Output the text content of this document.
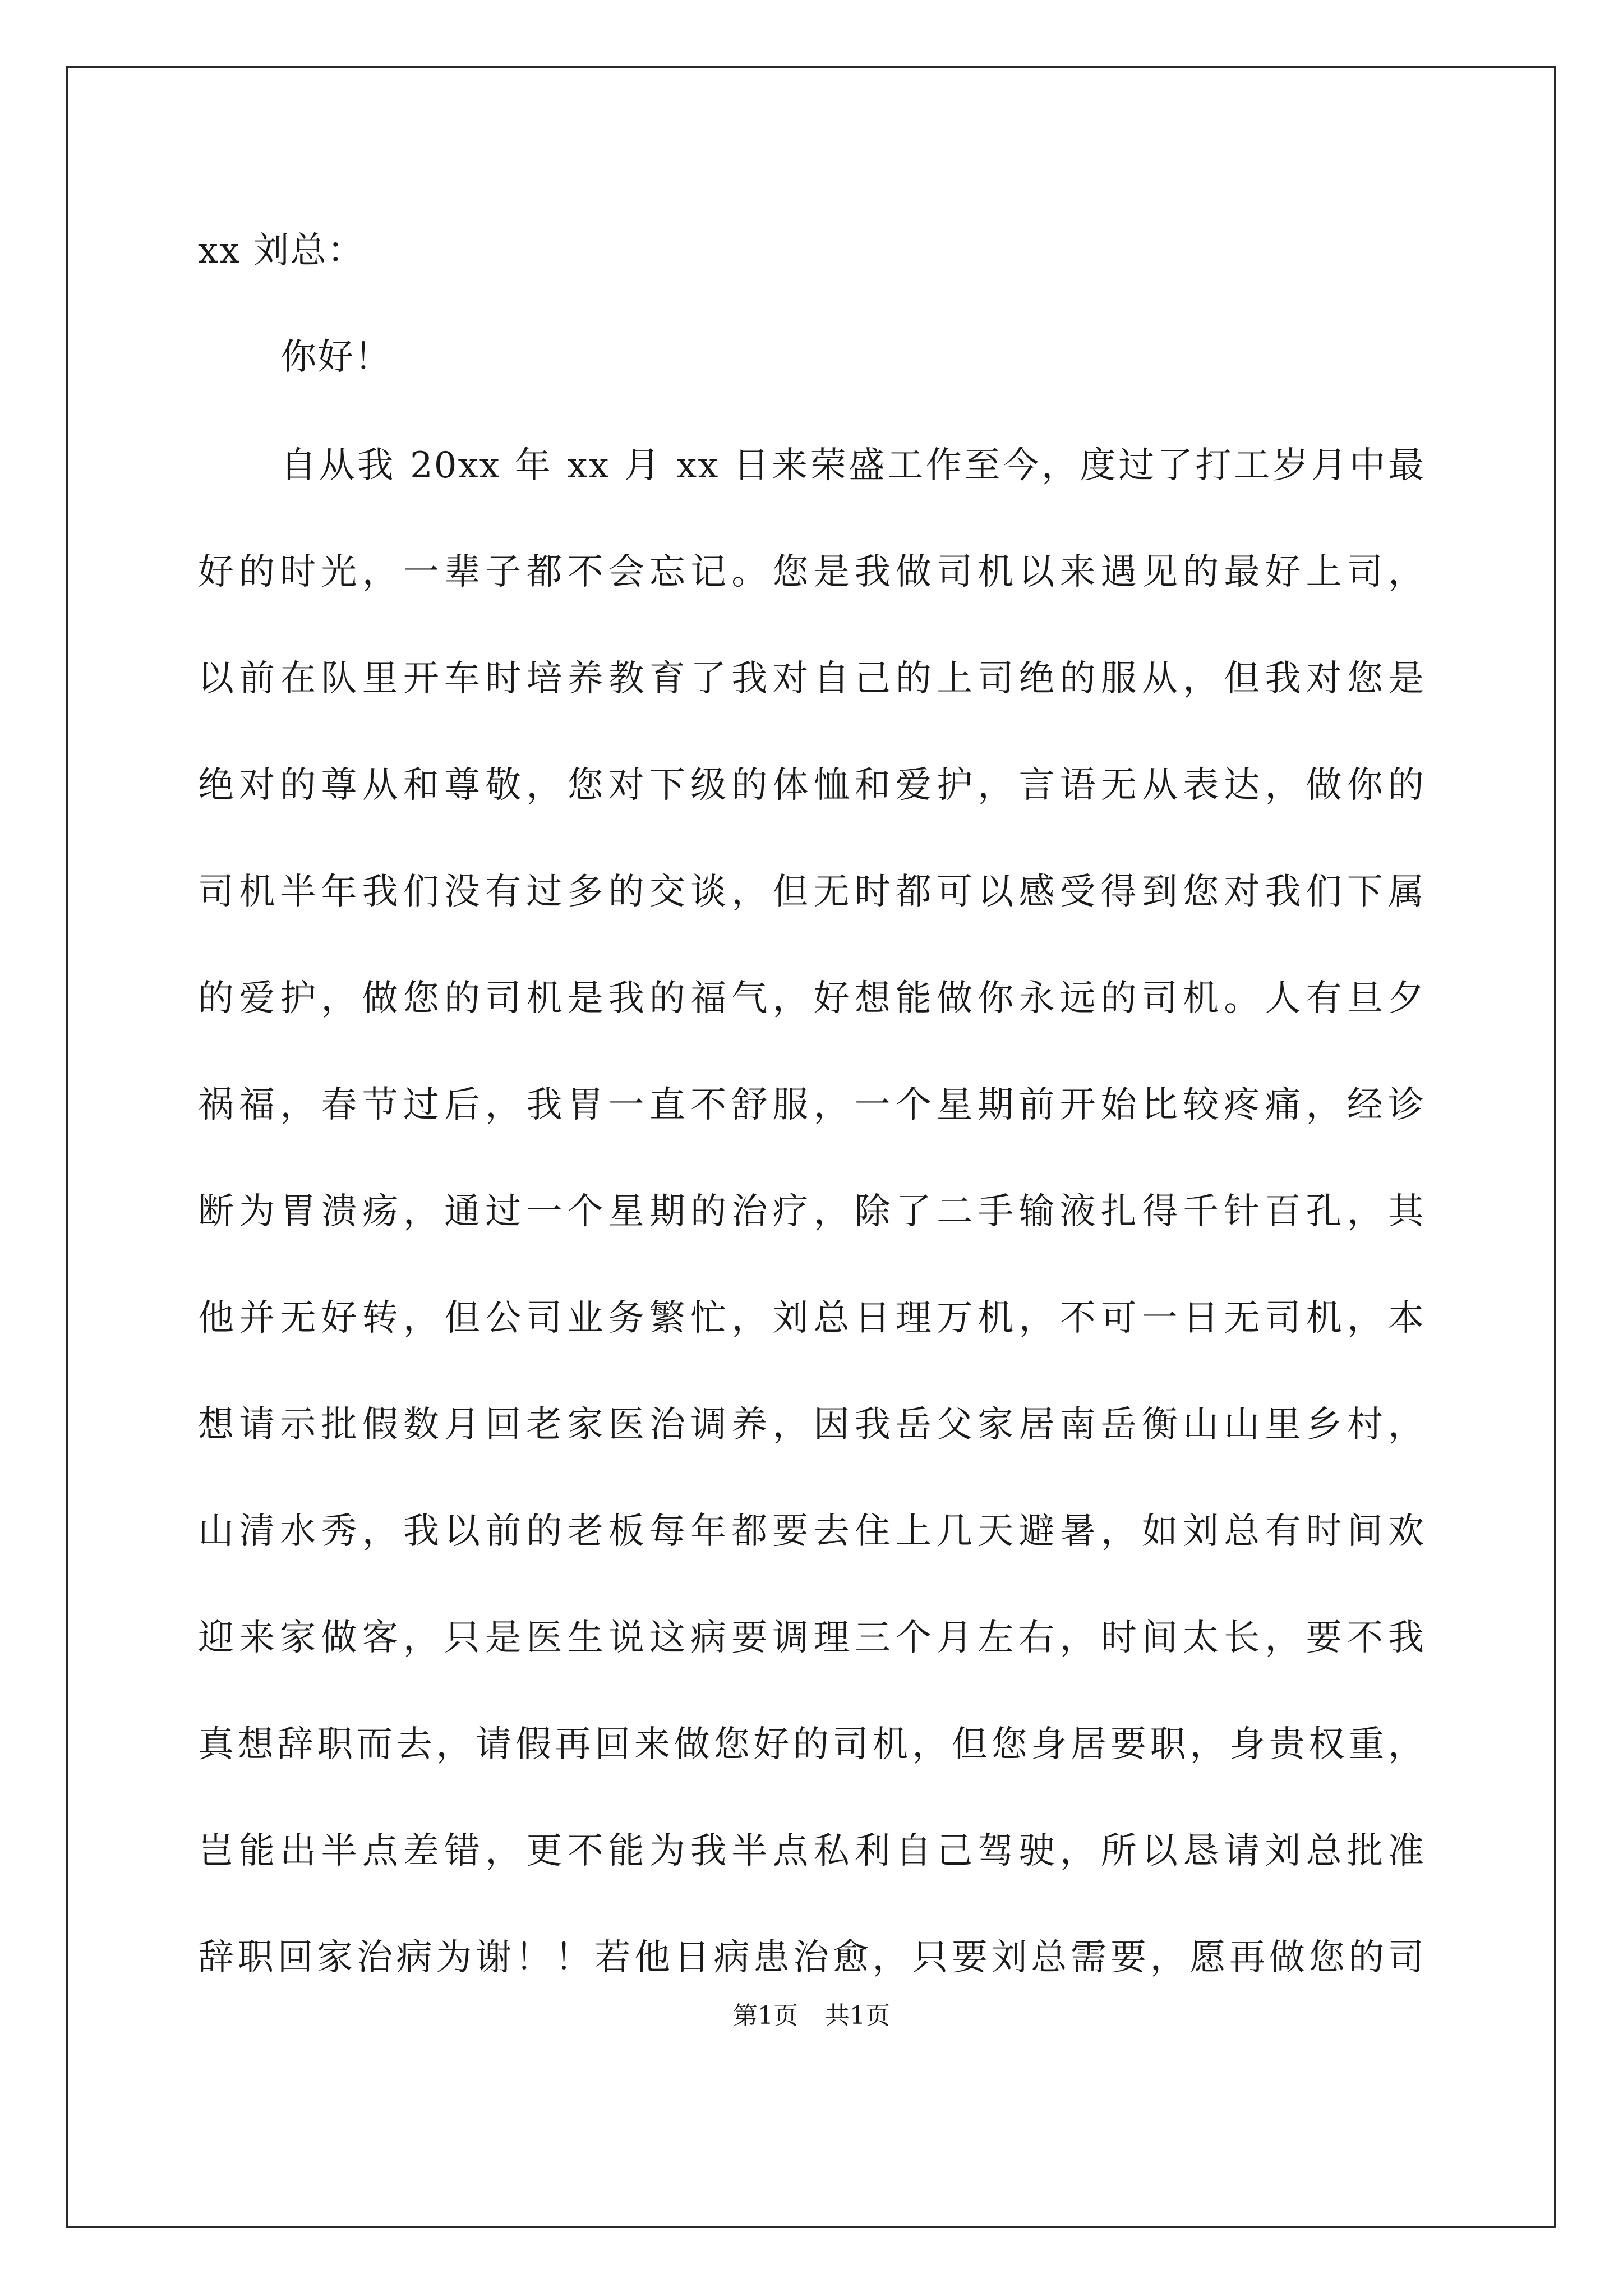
xx 刘总：
你好！
自从我 20xx 年 xx 月 xx 日来荣盛工作至今，度过了打工岁月中最
好的时光，一辈子都不会忘记。您是我做司机以来遇见的最好上司，
以前在队里开车时培养教育了我对自己的上司绝的服从，但我对您是
绝对的尊从和尊敬，您对下级的体恤和爱护，言语无从表达，做你的
司机半年我们没有过多的交谈，但无时都可以感受得到您对我们下属
的爱护，做您的司机是我的福气，好想能做你永远的司机。人有旦夕
祸福，春节过后，我胃一直不舒服，一个星期前开始比较疼痛，经诊
断为胃溃疡，通过一个星期的治疗，除了二手输液扎得千针百孔，其
他并无好转，但公司业务繁忙，刘总日理万机，不可一日无司机，本
想请示批假数月回老家医治调养，因我岳父家居南岳衡山山里乡村，
山清水秀，我以前的老板每年都要去住上几天避暑，如刘总有时间欢
迎来家做客，只是医生说这病要调理三个月左右，时间太长，要不我
真想辞职而去，请假再回来做您好的司机，但您身居要职，身贵权重，
岂能出半点差错，更不能为我半点私利自己驾驶，所以恳请刘总批准
辞职回家治病为谢！！若他日病患治愈，只要刘总需要，愿再做您的司
第1页 共1页
